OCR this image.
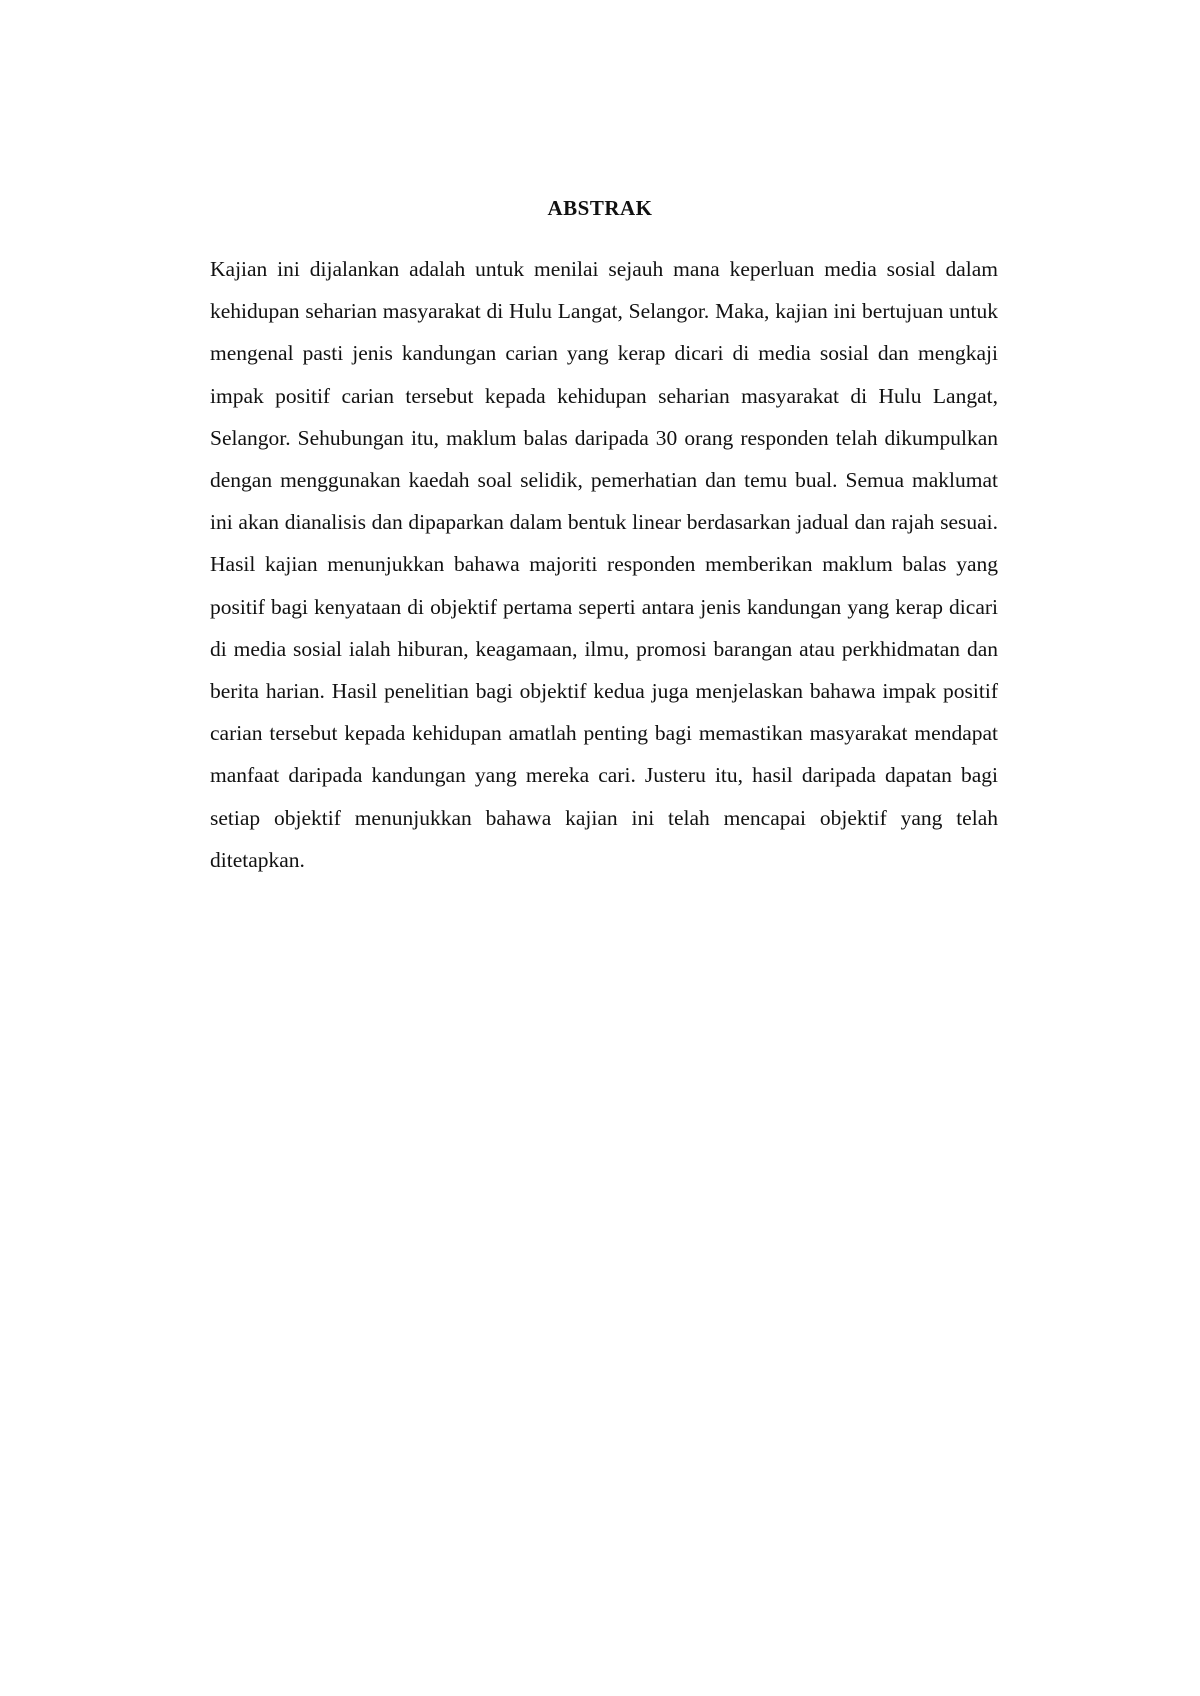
ABSTRAK

Kajian ini dijalankan adalah untuk menilai sejauh mana keperluan media sosial dalam kehidupan seharian masyarakat di Hulu Langat, Selangor. Maka, kajian ini bertujuan untuk mengenal pasti jenis kandungan carian yang kerap dicari di media sosial dan mengkaji impak positif carian tersebut kepada kehidupan seharian masyarakat di Hulu Langat, Selangor. Sehubungan itu, maklum balas daripada 30 orang responden telah dikumpulkan dengan menggunakan kaedah soal selidik, pemerhatian dan temu bual. Semua maklumat ini akan dianalisis dan dipaparkan dalam bentuk linear berdasarkan jadual dan rajah sesuai. Hasil kajian menunjukkan bahawa majoriti responden memberikan maklum balas yang positif bagi kenyataan di objektif pertama seperti antara jenis kandungan yang kerap dicari di media sosial ialah hiburan, keagamaan, ilmu, promosi barangan atau perkhidmatan dan berita harian. Hasil penelitian bagi objektif kedua juga menjelaskan bahawa impak positif carian tersebut kepada kehidupan amatlah penting bagi memastikan masyarakat mendapat manfaat daripada kandungan yang mereka cari. Justeru itu, hasil daripada dapatan bagi setiap objektif menunjukkan bahawa kajian ini telah mencapai objektif yang telah ditetapkan.
